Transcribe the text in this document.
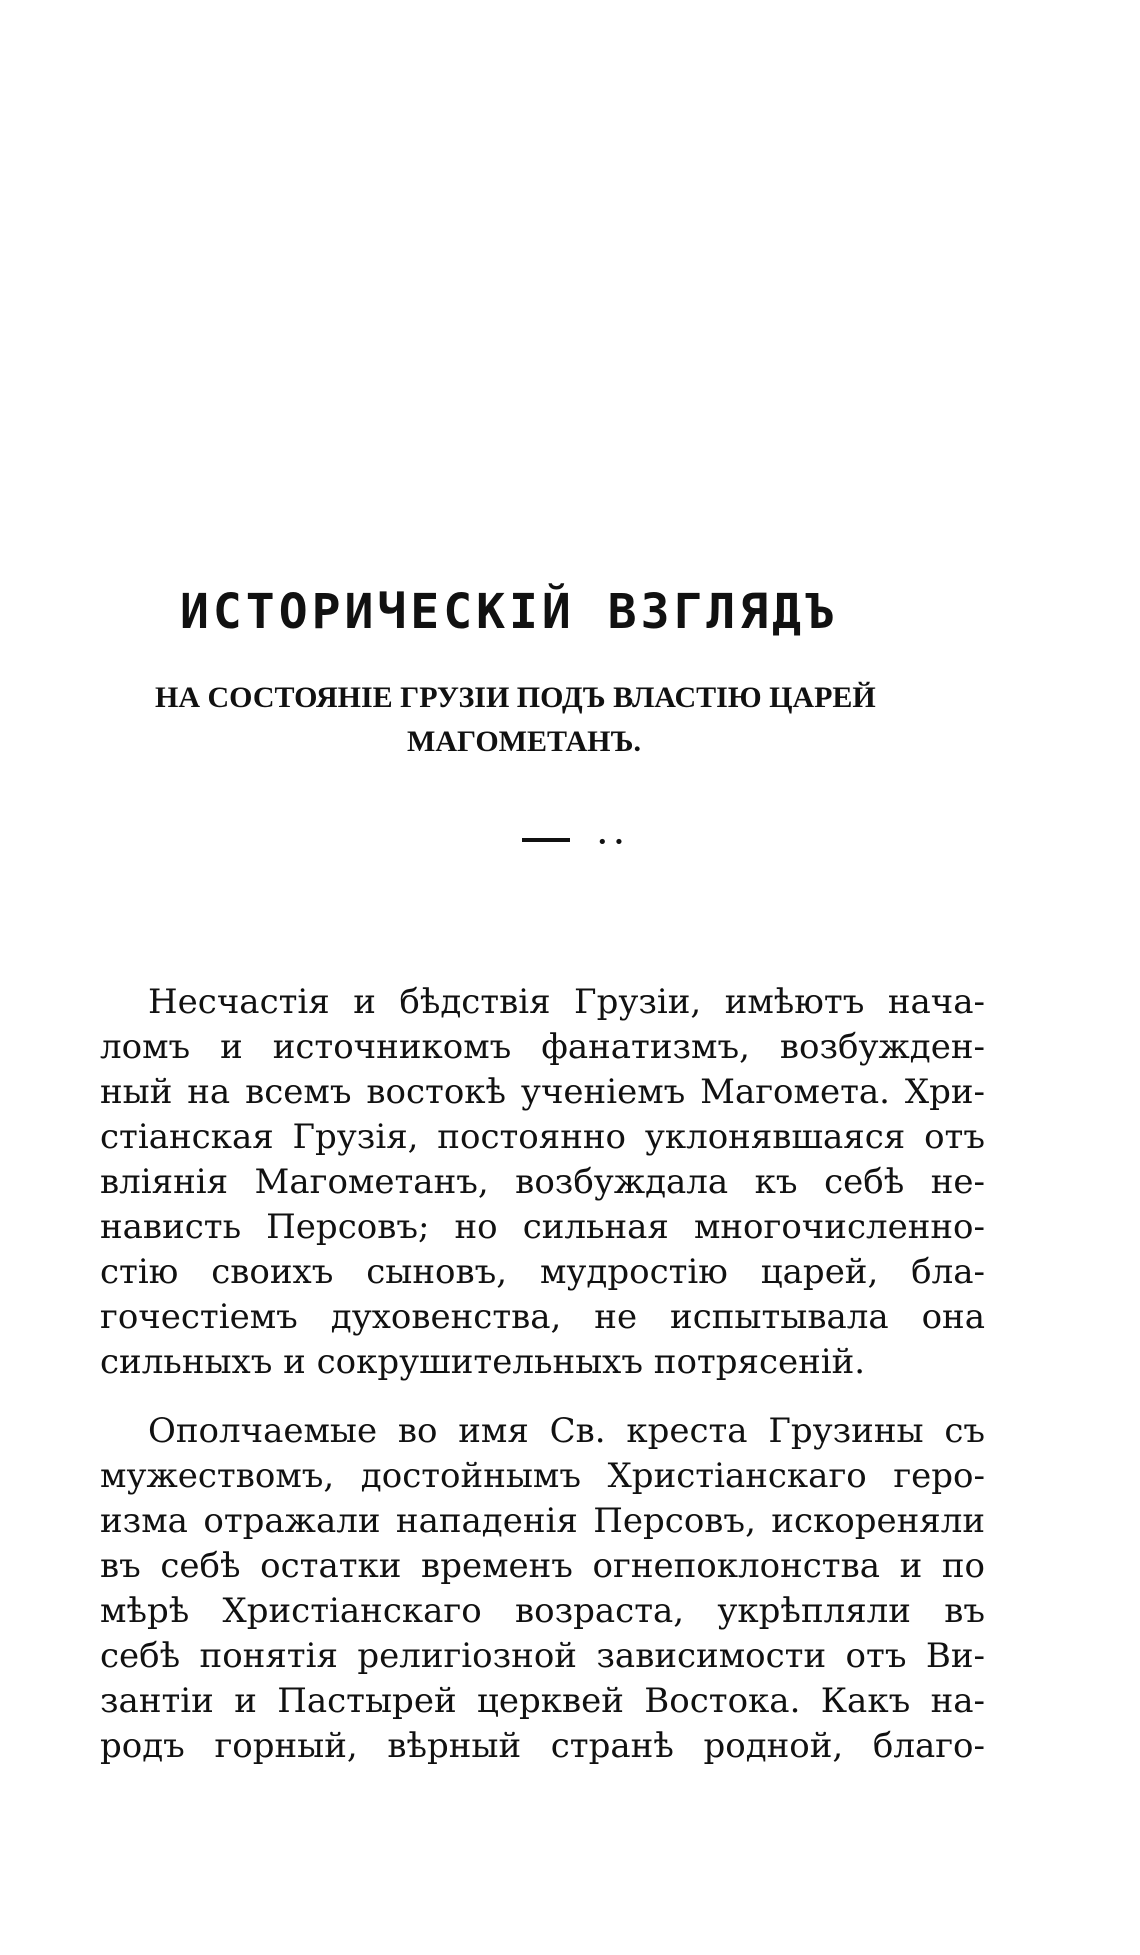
ИСТОРИЧЕСКІЙ ВЗГЛЯДЪ
НА СОСТОЯНІЕ ГРУЗІИ ПОДЪ ВЛАСТІЮ ЦАРЕЙ
МАГОМЕТАНЪ.
••

Несчастія и бѣдствія Грузіи, имѣютъ нача-
ломъ и источникомъ фанатизмъ, возбужден-
ный на всемъ востокѣ ученіемъ Магомета. Хри-
стіанская Грузія, постоянно уклонявшаяся отъ
вліянія Магометанъ, возбуждала къ себѣ не-
нависть Персовъ; но сильная многочисленно-
стію своихъ сыновъ, мудростію царей, бла-
гочестіемъ духовенства, не испытывала она
сильныхъ и сокрушительныхъ потрясеній.

Ополчаемые во имя Св. креста Грузины съ
мужествомъ, достойнымъ Христіанскаго геро-
изма отражали нападенія Персовъ, искореняли
въ себѣ остатки временъ огнепоклонства и по
мѣрѣ Христіанскаго возраста, укрѣпляли въ
себѣ понятія религіозной зависимости отъ Ви-
зантіи и Пастырей церквей Востока. Какъ на-
родъ горный, вѣрный странѣ родной, благо-
